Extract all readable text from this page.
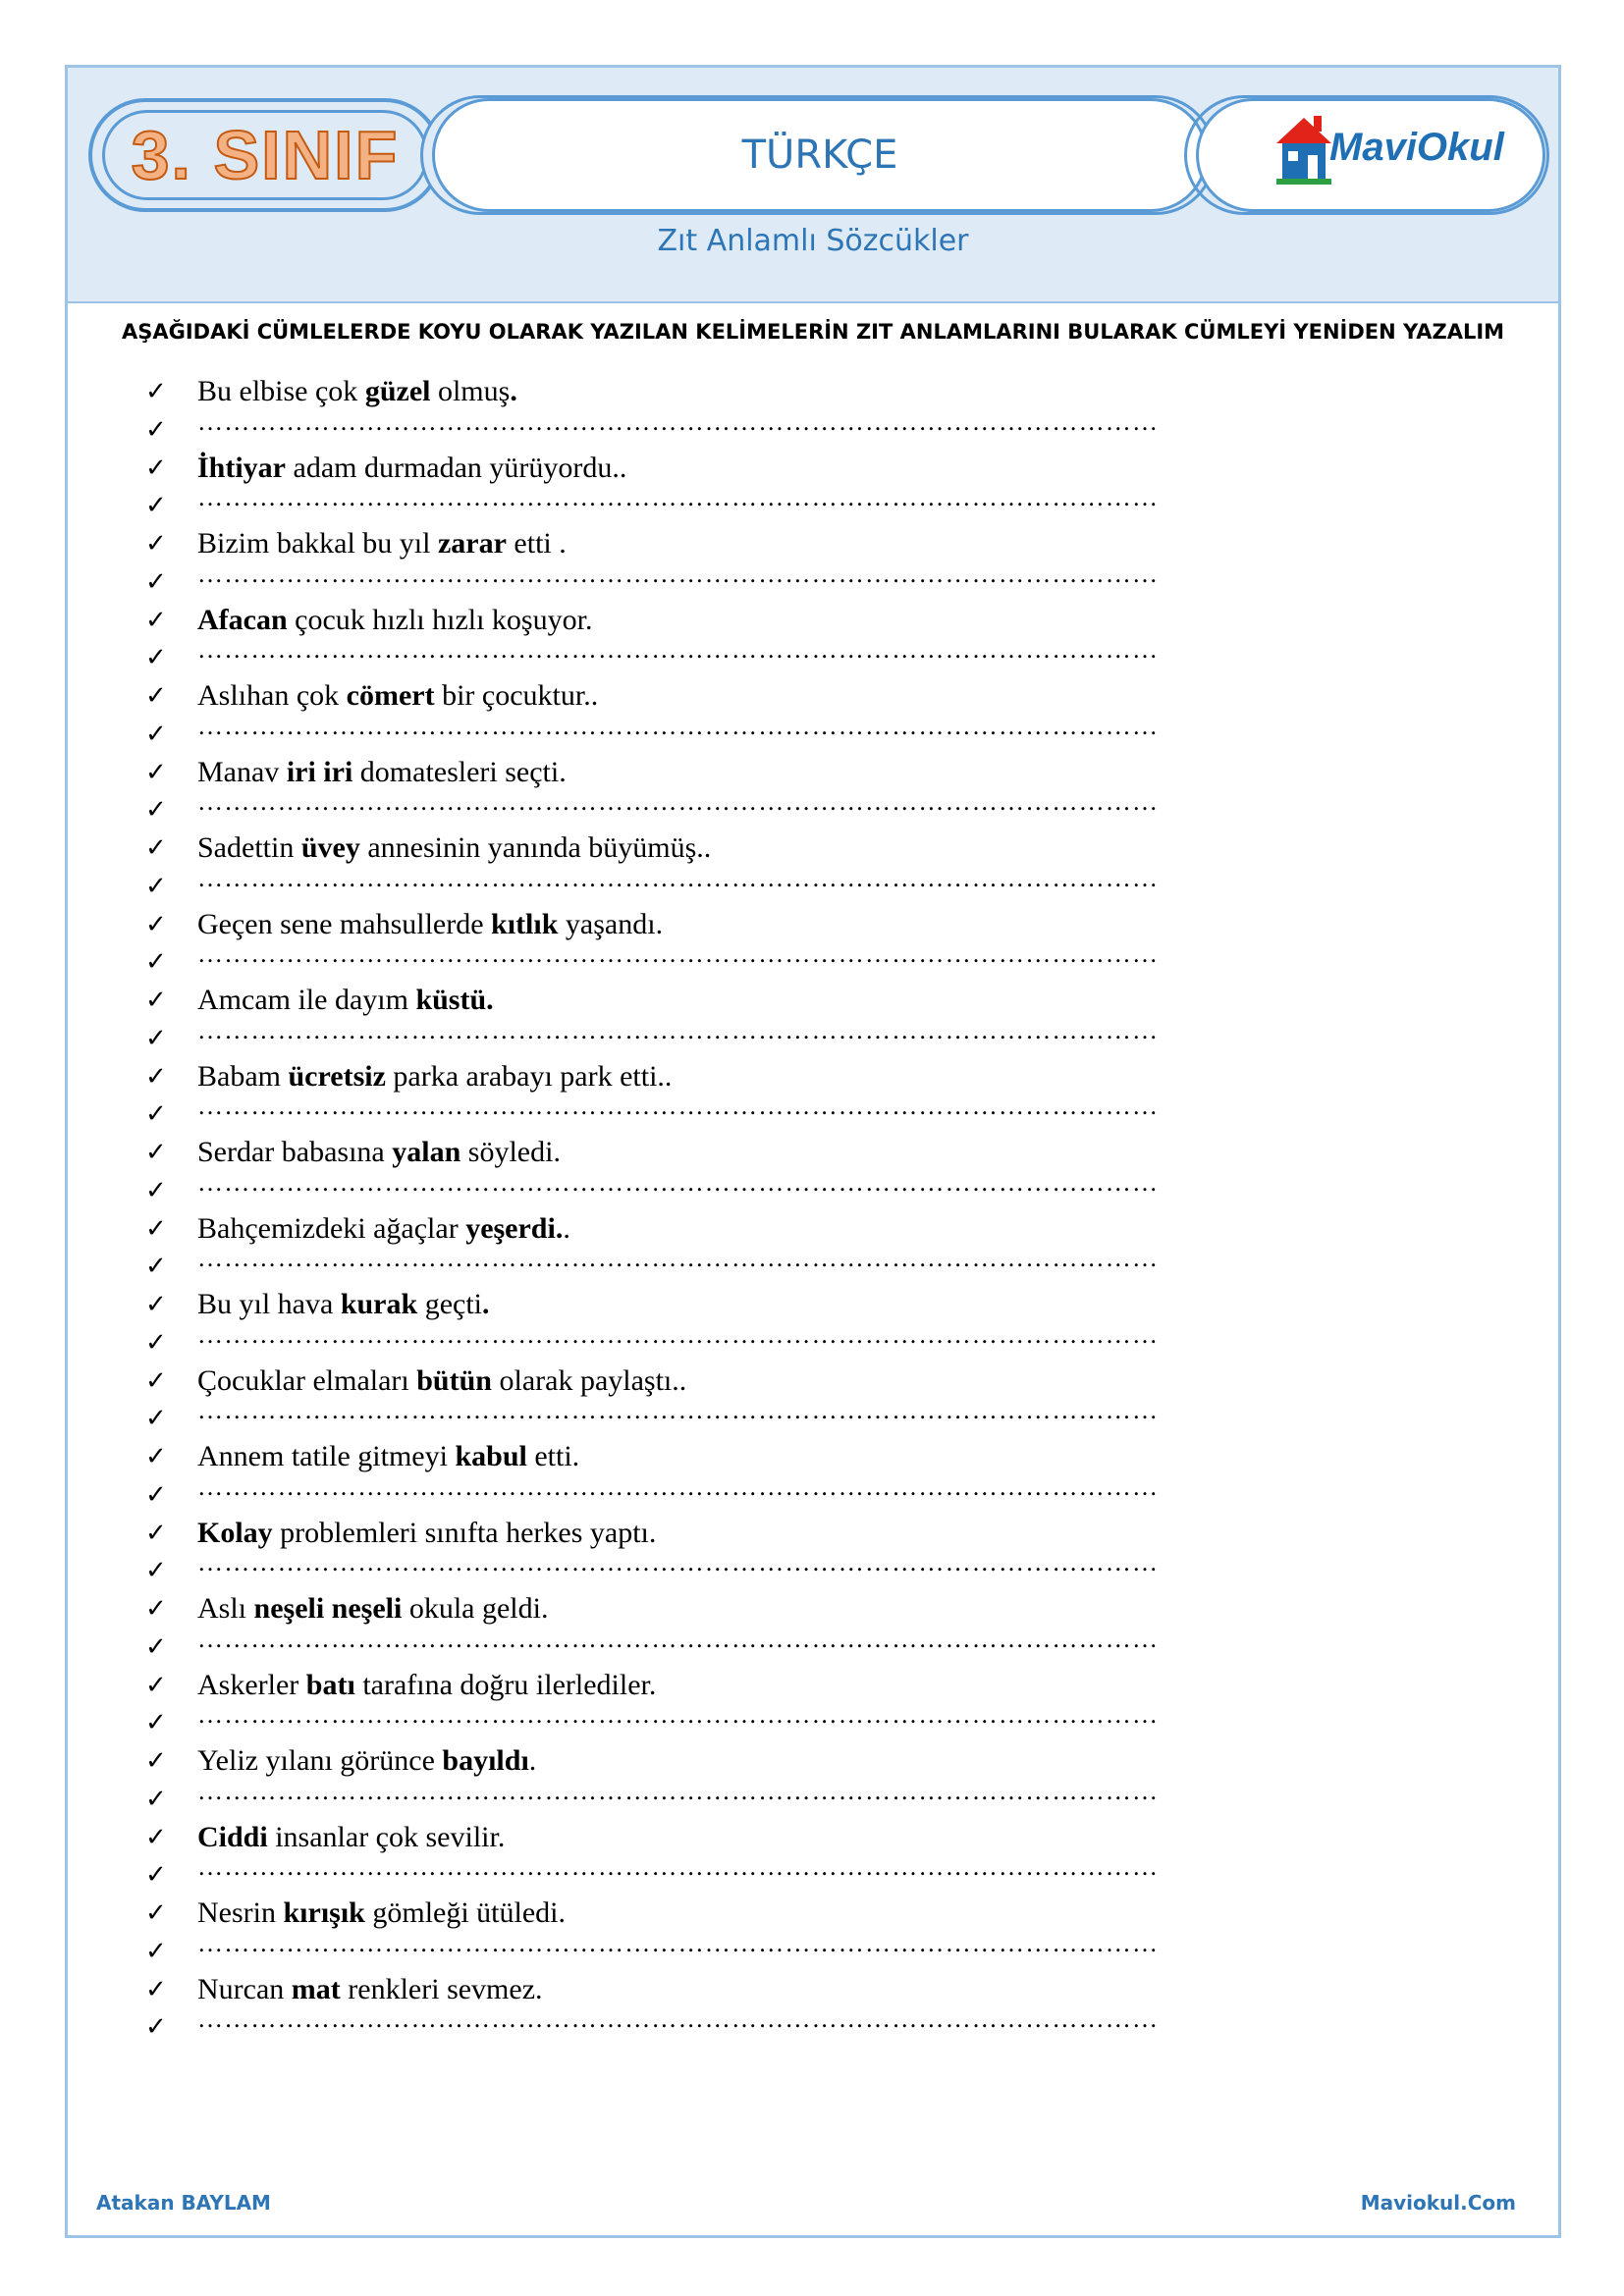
3. SINIF	TÜRKÇE	MaviOkul
Zıt Anlamlı Sözcükler
AŞAĞIDAKİ CÜMLELERDE KOYU OLARAK YAZILAN KELİMELERİN ZIT ANLAMLARINI BULARAK CÜMLEYİ YENİDEN YAZALIM
✓	Bu elbise çok güzel olmuş.
✓	………………………………………………………………………………………………
✓	İhtiyar adam durmadan yürüyordu..
✓	………………………………………………………………………………………………
✓	Bizim bakkal bu yıl zarar etti .
✓	………………………………………………………………………………………………
✓	Afacan çocuk hızlı hızlı koşuyor.
✓	………………………………………………………………………………………………
✓	Aslıhan çok cömert bir çocuktur..
✓	………………………………………………………………………………………………
✓	Manav iri iri domatesleri seçti.
✓	………………………………………………………………………………………………
✓	Sadettin üvey annesinin yanında büyümüş..
✓	………………………………………………………………………………………………
✓	Geçen sene mahsullerde kıtlık yaşandı.
✓	………………………………………………………………………………………………
✓	Amcam ile dayım küstü.
✓	………………………………………………………………………………………………
✓	Babam ücretsiz parka arabayı park etti..
✓	………………………………………………………………………………………………
✓	Serdar babasına yalan söyledi.
✓	………………………………………………………………………………………………
✓	Bahçemizdeki ağaçlar yeşerdi..
✓	………………………………………………………………………………………………
✓	Bu yıl hava kurak geçti.
✓	………………………………………………………………………………………………
✓	Çocuklar elmaları bütün olarak paylaştı..
✓	………………………………………………………………………………………………
✓	Annem tatile gitmeyi kabul etti.
✓	………………………………………………………………………………………………
✓	Kolay problemleri sınıfta herkes yaptı.
✓	………………………………………………………………………………………………
✓	Aslı neşeli neşeli okula geldi.
✓	………………………………………………………………………………………………
✓	Askerler batı tarafına doğru ilerlediler.
✓	………………………………………………………………………………………………
✓	Yeliz yılanı görünce bayıldı.
✓	………………………………………………………………………………………………
✓	Ciddi insanlar çok sevilir.
✓	………………………………………………………………………………………………
✓	Nesrin kırışık gömleği ütüledi.
✓	………………………………………………………………………………………………
✓	Nurcan mat renkleri sevmez.
✓	………………………………………………………………………………………………
Atakan BAYLAM	Maviokul.Com
